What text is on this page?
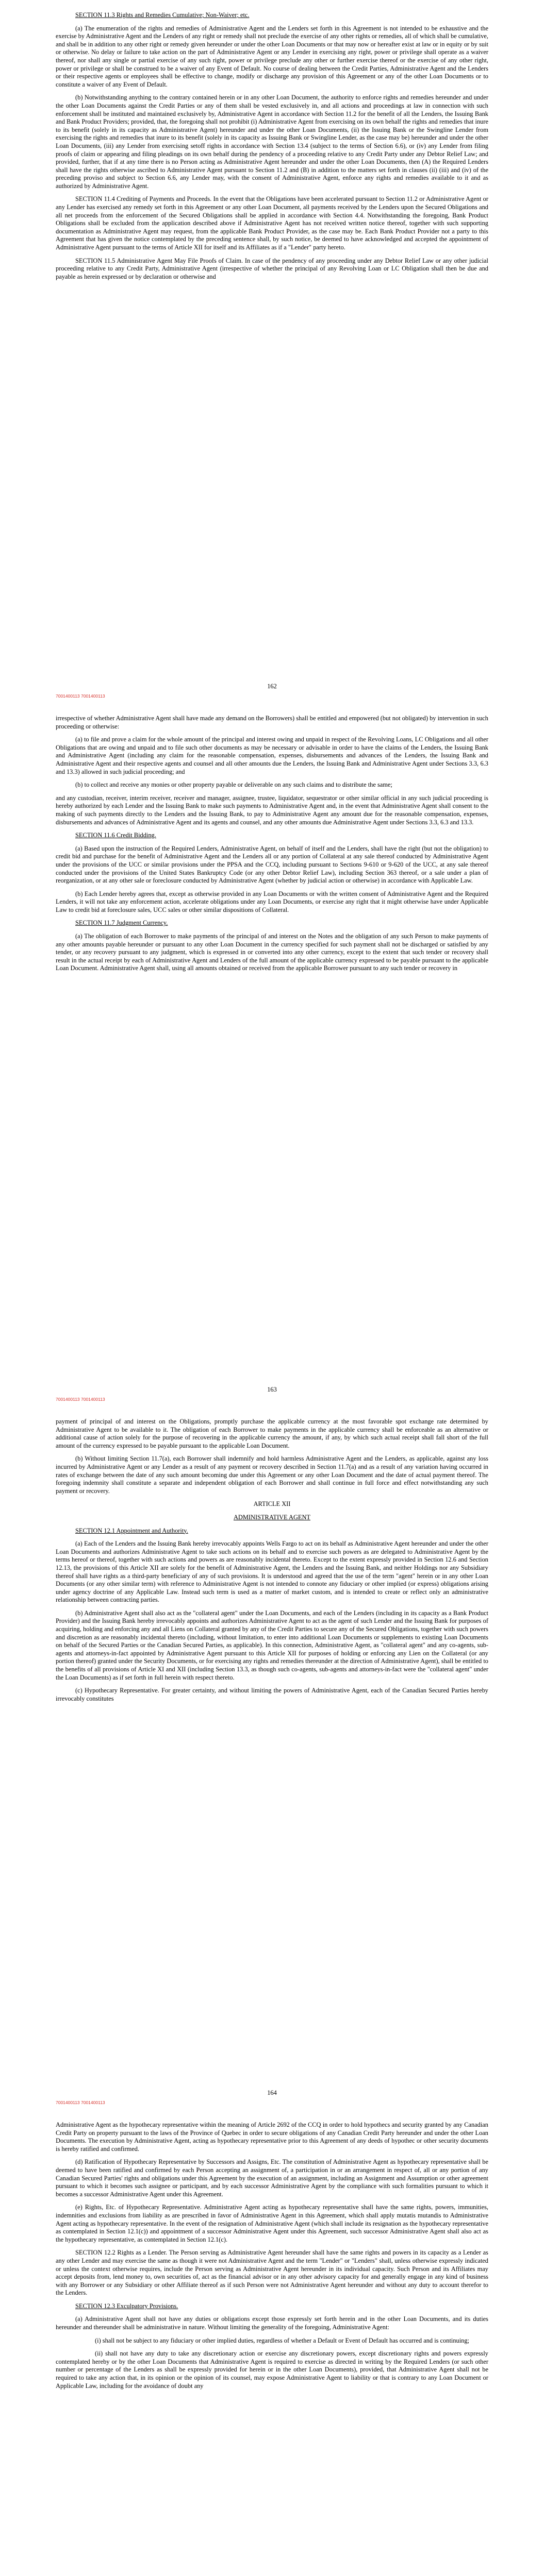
SECTION 11.3 Rights and Remedies Cumulative; Non-Waiver; etc.

(a) The enumeration of the rights and remedies of Administrative Agent and the Lenders set forth in this Agreement is not intended to be exhaustive and the exercise by Administrative Agent and the Lenders of any right or remedy shall not preclude the exercise of any other rights or remedies, all of which shall be cumulative, and shall be in addition to any other right or remedy given hereunder or under the other Loan Documents or that may now or hereafter exist at law or in equity or by suit or otherwise. No delay or failure to take action on the part of Administrative Agent or any Lender in exercising any right, power or privilege shall operate as a waiver thereof, nor shall any single or partial exercise of any such right, power or privilege preclude any other or further exercise thereof or the exercise of any other right, power or privilege or shall be construed to be a waiver of any Event of Default. No course of dealing between the Credit Parties, Administrative Agent and the Lenders or their respective agents or employees shall be effective to change, modify or discharge any provision of this Agreement or any of the other Loan Documents or to constitute a waiver of any Event of Default.

(b) Notwithstanding anything to the contrary contained herein or in any other Loan Document, the authority to enforce rights and remedies hereunder and under the other Loan Documents against the Credit Parties or any of them shall be vested exclusively in, and all actions and proceedings at law in connection with such enforcement shall be instituted and maintained exclusively by, Administrative Agent in accordance with Section 11.2 for the benefit of all the Lenders, the Issuing Bank and Bank Product Providers; provided, that, the foregoing shall not prohibit (i) Administrative Agent from exercising on its own behalf the rights and remedies that inure to its benefit (solely in its capacity as Administrative Agent) hereunder and under the other Loan Documents, (ii) the Issuing Bank or the Swingline Lender from exercising the rights and remedies that inure to its benefit (solely in its capacity as Issuing Bank or Swingline Lender, as the case may be) hereunder and under the other Loan Documents, (iii) any Lender from exercising setoff rights in accordance with Section 13.4 (subject to the terms of Section 6.6), or (iv) any Lender from filing proofs of claim or appearing and filing pleadings on its own behalf during the pendency of a proceeding relative to any Credit Party under any Debtor Relief Law; and provided, further, that if at any time there is no Person acting as Administrative Agent hereunder and under the other Loan Documents, then (A) the Required Lenders shall have the rights otherwise ascribed to Administrative Agent pursuant to Section 11.2 and (B) in addition to the matters set forth in clauses (ii) (iii) and (iv) of the preceding proviso and subject to Section 6.6, any Lender may, with the consent of Administrative Agent, enforce any rights and remedies available to it and as authorized by Administrative Agent.

SECTION 11.4 Crediting of Payments and Proceeds. In the event that the Obligations have been accelerated pursuant to Section 11.2 or Administrative Agent or any Lender has exercised any remedy set forth in this Agreement or any other Loan Document, all payments received by the Lenders upon the Secured Obligations and all net proceeds from the enforcement of the Secured Obligations shall be applied in accordance with Section 4.4. Notwithstanding the foregoing, Bank Product Obligations shall be excluded from the application described above if Administrative Agent has not received written notice thereof, together with such supporting documentation as Administrative Agent may request, from the applicable Bank Product Provider, as the case may be. Each Bank Product Provider not a party to this Agreement that has given the notice contemplated by the preceding sentence shall, by such notice, be deemed to have acknowledged and accepted the appointment of Administrative Agent pursuant to the terms of Article XII for itself and its Affiliates as if a "Lender" party hereto.

SECTION 11.5 Administrative Agent May File Proofs of Claim. In case of the pendency of any proceeding under any Debtor Relief Law or any other judicial proceeding relative to any Credit Party, Administrative Agent (irrespective of whether the principal of any Revolving Loan or LC Obligation shall then be due and payable as herein expressed or by declaration or otherwise and

162
7001400113 7001400113

irrespective of whether Administrative Agent shall have made any demand on the Borrowers) shall be entitled and empowered (but not obligated) by intervention in such proceeding or otherwise:

(a) to file and prove a claim for the whole amount of the principal and interest owing and unpaid in respect of the Revolving Loans, LC Obligations and all other Obligations that are owing and unpaid and to file such other documents as may be necessary or advisable in order to have the claims of the Lenders, the Issuing Bank and Administrative Agent (including any claim for the reasonable compensation, expenses, disbursements and advances of the Lenders, the Issuing Bank and Administrative Agent and their respective agents and counsel and all other amounts due the Lenders, the Issuing Bank and Administrative Agent under Sections 3.3, 6.3 and 13.3) allowed in such judicial proceeding; and

(b) to collect and receive any monies or other property payable or deliverable on any such claims and to distribute the same;

and any custodian, receiver, interim receiver, receiver and manager, assignee, trustee, liquidator, sequestrator or other similar official in any such judicial proceeding is hereby authorized by each Lender and the Issuing Bank to make such payments to Administrative Agent and, in the event that Administrative Agent shall consent to the making of such payments directly to the Lenders and the Issuing Bank, to pay to Administrative Agent any amount due for the reasonable compensation, expenses, disbursements and advances of Administrative Agent and its agents and counsel, and any other amounts due Administrative Agent under Sections 3.3, 6.3 and 13.3.

SECTION 11.6 Credit Bidding.

(a) Based upon the instruction of the Required Lenders, Administrative Agent, on behalf of itself and the Lenders, shall have the right (but not the obligation) to credit bid and purchase for the benefit of Administrative Agent and the Lenders all or any portion of Collateral at any sale thereof conducted by Administrative Agent under the provisions of the UCC or similar provisions under the PPSA and the CCQ, including pursuant to Sections 9-610 or 9-620 of the UCC, at any sale thereof conducted under the provisions of the United States Bankruptcy Code (or any other Debtor Relief Law), including Section 363 thereof, or a sale under a plan of reorganization, or at any other sale or foreclosure conducted by Administrative Agent (whether by judicial action or otherwise) in accordance with Applicable Law.

(b) Each Lender hereby agrees that, except as otherwise provided in any Loan Documents or with the written consent of Administrative Agent and the Required Lenders, it will not take any enforcement action, accelerate obligations under any Loan Documents, or exercise any right that it might otherwise have under Applicable Law to credit bid at foreclosure sales, UCC sales or other similar dispositions of Collateral.

SECTION 11.7 Judgment Currency.

(a) The obligation of each Borrower to make payments of the principal of and interest on the Notes and the obligation of any such Person to make payments of any other amounts payable hereunder or pursuant to any other Loan Document in the currency specified for such payment shall not be discharged or satisfied by any tender, or any recovery pursuant to any judgment, which is expressed in or converted into any other currency, except to the extent that such tender or recovery shall result in the actual receipt by each of Administrative Agent and Lenders of the full amount of the applicable currency expressed to be payable pursuant to the applicable Loan Document. Administrative Agent shall, using all amounts obtained or received from the applicable Borrower pursuant to any such tender or recovery in

163
7001400113 7001400113

payment of principal of and interest on the Obligations, promptly purchase the applicable currency at the most favorable spot exchange rate determined by Administrative Agent to be available to it. The obligation of each Borrower to make payments in the applicable currency shall be enforceable as an alternative or additional cause of action solely for the purpose of recovering in the applicable currency the amount, if any, by which such actual receipt shall fall short of the full amount of the currency expressed to be payable pursuant to the applicable Loan Document.

(b) Without limiting Section 11.7(a), each Borrower shall indemnify and hold harmless Administrative Agent and the Lenders, as applicable, against any loss incurred by Administrative Agent or any Lender as a result of any payment or recovery described in Section 11.7(a) and as a result of any variation having occurred in rates of exchange between the date of any such amount becoming due under this Agreement or any other Loan Document and the date of actual payment thereof. The foregoing indemnity shall constitute a separate and independent obligation of each Borrower and shall continue in full force and effect notwithstanding any such payment or recovery.

ARTICLE XII

ADMINISTRATIVE AGENT

SECTION 12.1 Appointment and Authority.

(a) Each of the Lenders and the Issuing Bank hereby irrevocably appoints Wells Fargo to act on its behalf as Administrative Agent hereunder and under the other Loan Documents and authorizes Administrative Agent to take such actions on its behalf and to exercise such powers as are delegated to Administrative Agent by the terms hereof or thereof, together with such actions and powers as are reasonably incidental thereto. Except to the extent expressly provided in Section 12.6 and Section 12.13, the provisions of this Article XII are solely for the benefit of Administrative Agent, the Lenders and the Issuing Bank, and neither Holdings nor any Subsidiary thereof shall have rights as a third-party beneficiary of any of such provisions. It is understood and agreed that the use of the term "agent" herein or in any other Loan Documents (or any other similar term) with reference to Administrative Agent is not intended to connote any fiduciary or other implied (or express) obligations arising under agency doctrine of any Applicable Law. Instead such term is used as a matter of market custom, and is intended to create or reflect only an administrative relationship between contracting parties.

(b) Administrative Agent shall also act as the "collateral agent" under the Loan Documents, and each of the Lenders (including in its capacity as a Bank Product Provider) and the Issuing Bank hereby irrevocably appoints and authorizes Administrative Agent to act as the agent of such Lender and the Issuing Bank for purposes of acquiring, holding and enforcing any and all Liens on Collateral granted by any of the Credit Parties to secure any of the Secured Obligations, together with such powers and discretion as are reasonably incidental thereto (including, without limitation, to enter into additional Loan Documents or supplements to existing Loan Documents on behalf of the Secured Parties or the Canadian Secured Parties, as applicable). In this connection, Administrative Agent, as "collateral agent" and any co-agents, sub-agents and attorneys-in-fact appointed by Administrative Agent pursuant to this Article XII for purposes of holding or enforcing any Lien on the Collateral (or any portion thereof) granted under the Security Documents, or for exercising any rights and remedies thereunder at the direction of Administrative Agent), shall be entitled to the benefits of all provisions of Article XI and XII (including Section 13.3, as though such co-agents, sub-agents and attorneys-in-fact were the "collateral agent" under the Loan Documents) as if set forth in full herein with respect thereto.

(c) Hypothecary Representative. For greater certainty, and without limiting the powers of Administrative Agent, each of the Canadian Secured Parties hereby irrevocably constitutes

164
7001400113 7001400113

Administrative Agent as the hypothecary representative within the meaning of Article 2692 of the CCQ in order to hold hypothecs and security granted by any Canadian Credit Party on property pursuant to the laws of the Province of Quebec in order to secure obligations of any Canadian Credit Party hereunder and under the other Loan Documents. The execution by Administrative Agent, acting as hypothecary representative prior to this Agreement of any deeds of hypothec or other security documents is hereby ratified and confirmed.

(d) Ratification of Hypothecary Representative by Successors and Assigns, Etc. The constitution of Administrative Agent as hypothecary representative shall be deemed to have been ratified and confirmed by each Person accepting an assignment of, a participation in or an arrangement in respect of, all or any portion of any Canadian Secured Parties' rights and obligations under this Agreement by the execution of an assignment, including an Assignment and Assumption or other agreement pursuant to which it becomes such assignee or participant, and by each successor Administrative Agent by the compliance with such formalities pursuant to which it becomes a successor Administrative Agent under this Agreement.

(e) Rights, Etc. of Hypothecary Representative. Administrative Agent acting as hypothecary representative shall have the same rights, powers, immunities, indemnities and exclusions from liability as are prescribed in favor of Administrative Agent in this Agreement, which shall apply mutatis mutandis to Administrative Agent acting as hypothecary representative. In the event of the resignation of Administrative Agent (which shall include its resignation as the hypothecary representative as contemplated in Section 12.1(c)) and appointment of a successor Administrative Agent under this Agreement, such successor Administrative Agent shall also act as the hypothecary representative, as contemplated in Section 12.1(c).

SECTION 12.2 Rights as a Lender. The Person serving as Administrative Agent hereunder shall have the same rights and powers in its capacity as a Lender as any other Lender and may exercise the same as though it were not Administrative Agent and the term "Lender" or "Lenders" shall, unless otherwise expressly indicated or unless the context otherwise requires, include the Person serving as Administrative Agent hereunder in its individual capacity. Such Person and its Affiliates may accept deposits from, lend money to, own securities of, act as the financial advisor or in any other advisory capacity for and generally engage in any kind of business with any Borrower or any Subsidiary or other Affiliate thereof as if such Person were not Administrative Agent hereunder and without any duty to account therefor to the Lenders.

SECTION 12.3 Exculpatory Provisions.

(a) Administrative Agent shall not have any duties or obligations except those expressly set forth herein and in the other Loan Documents, and its duties hereunder and thereunder shall be administrative in nature. Without limiting the generality of the foregoing, Administrative Agent:

(i) shall not be subject to any fiduciary or other implied duties, regardless of whether a Default or Event of Default has occurred and is continuing;

(ii) shall not have any duty to take any discretionary action or exercise any discretionary powers, except discretionary rights and powers expressly contemplated hereby or by the other Loan Documents that Administrative Agent is required to exercise as directed in writing by the Required Lenders (or such other number or percentage of the Lenders as shall be expressly provided for herein or in the other Loan Documents), provided, that Administrative Agent shall not be required to take any action that, in its opinion or the opinion of its counsel, may expose Administrative Agent to liability or that is contrary to any Loan Document or Applicable Law, including for the avoidance of doubt any
